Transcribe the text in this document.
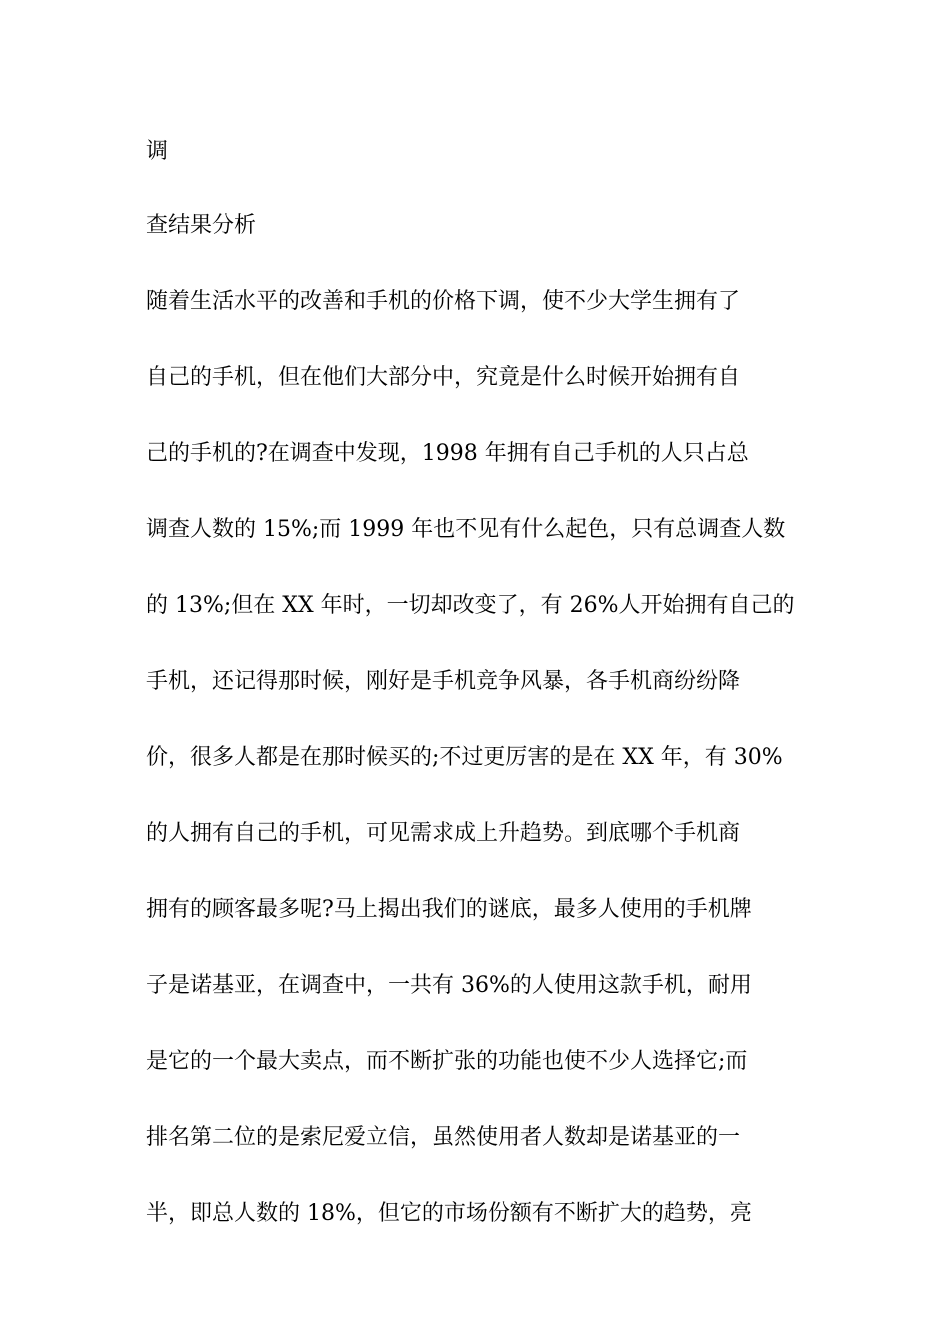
调
查结果分析
随着生活水平的改善和手机的价格下调，使不少大学生拥有了
自己的手机，但在他们大部分中，究竟是什么时候开始拥有自
己的手机的?在调查中发现，1998 年拥有自己手机的人只占总
调查人数的 15%;而 1999 年也不见有什么起色，只有总调查人数
的 13%;但在 XX 年时，一切却改变了，有 26%人开始拥有自己的
手机，还记得那时候，刚好是手机竞争风暴，各手机商纷纷降
价，很多人都是在那时候买的;不过更厉害的是在 XX 年，有 30%
的人拥有自己的手机，可见需求成上升趋势。到底哪个手机商
拥有的顾客最多呢?马上揭出我们的谜底，最多人使用的手机牌
子是诺基亚，在调查中，一共有 36%的人使用这款手机，耐用
是它的一个最大卖点，而不断扩张的功能也使不少人选择它;而
排名第二位的是索尼爱立信，虽然使用者人数却是诺基亚的一
半，即总人数的 18%，但它的市场份额有不断扩大的趋势，亮
